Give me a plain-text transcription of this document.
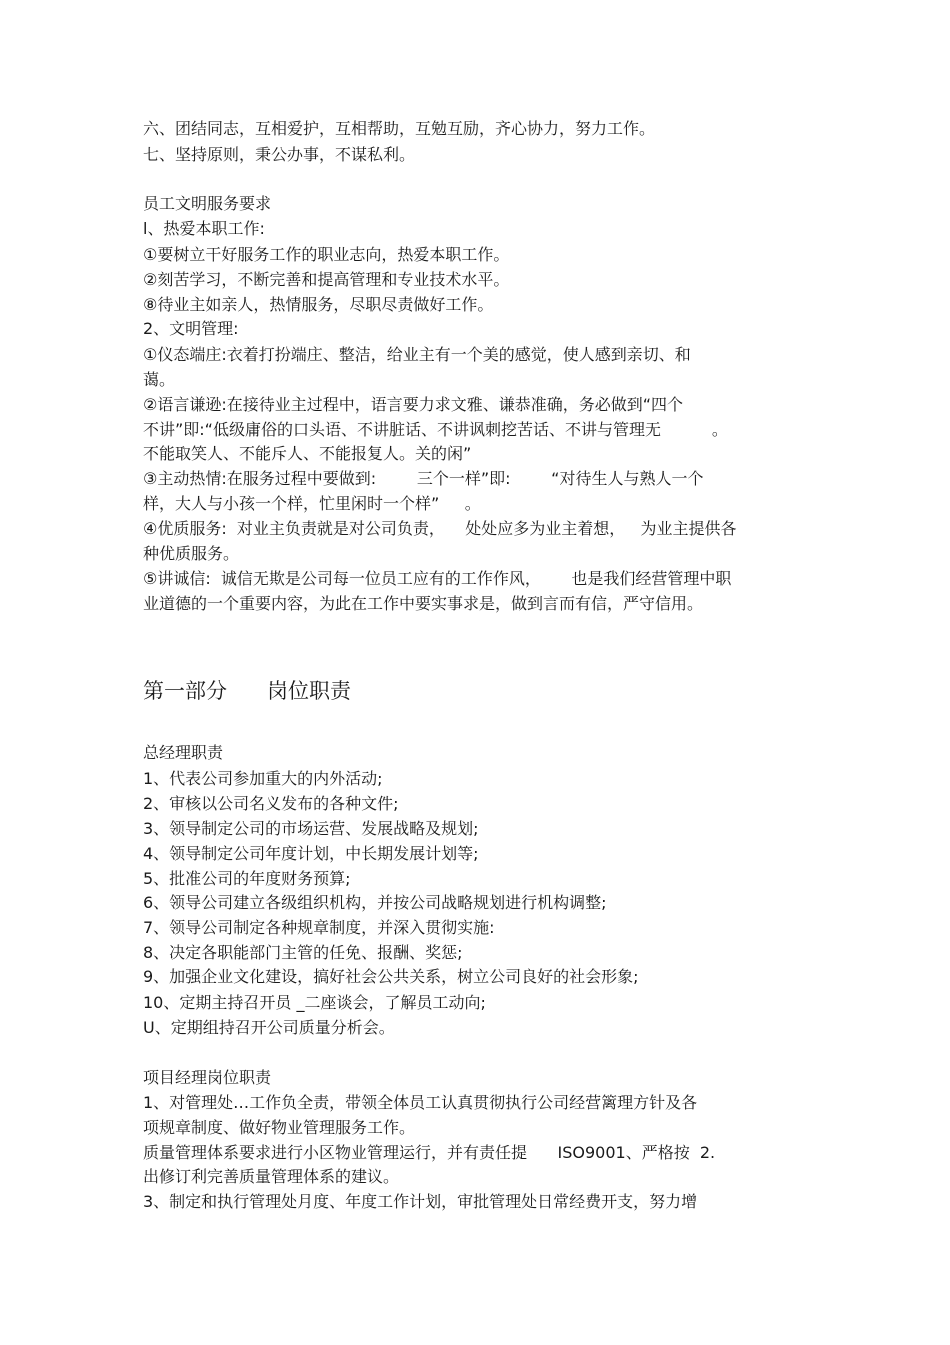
六、团结同志，互相爱护，互相帮助，互勉互励，齐心协力，努力工作。
七、坚持原则，秉公办事，不谋私利。
员工文明服务要求
l、热爱本职工作:
①要树立干好服务工作的职业志向，热爱本职工作。
②刻苦学习，不断完善和提高管理和专业技术水平。
⑧待业主如亲人，热情服务，尽职尽责做好工作。
2、文明管理:
①仪态端庄:衣着打扮端庄、整洁，给业主有一个美的感觉，使人感到亲切、和
蔼。
②语言谦逊:在接待业主过程中，语言要力求文雅、谦恭准确，务必做到“四个
不讲”即:“低级庸俗的口头语、不讲脏话、不讲讽刺挖苦话、不讲与管理无          。
不能取笑人、不能斥人、不能报复人。关的闲”
③主动热情:在服务过程中要做到:        三个一样”即:        “对待生人与熟人一个
样，大人与小孩一个样，忙里闲时一个样”     。
④优质服务:  对业主负责就是对公司负责，    处处应多为业主着想，   为业主提供各
种优质服务。
⑤讲诚信:  诚信无欺是公司每一位员工应有的工作作风，      也是我们经营管理中职
业道德的一个重要内容，为此在工作中要实事求是，做到言而有信，严守信用。
第一部分      岗位职责
总经理职责
1、代表公司参加重大的内外活动;
2、审核以公司名义发布的各种文件;
3、领导制定公司的市场运营、发展战略及规划;
4、领导制定公司年度计划，中长期发展计划等;
5、批准公司的年度财务预算;
6、领导公司建立各级组织机构，并按公司战略规划进行机构调整;
7、领导公司制定各种规章制度，并深入贯彻实施:
8、决定各职能部门主管的任免、报酬、奖惩;
9、加强企业文化建设，搞好社会公共关系，树立公司良好的社会形象;
10、定期主持召开员 _二座谈会，了解员工动向;
U、定期组持召开公司质量分析会。
项目经理岗位职责
1、对管理处…工作负全责，带领全体员工认真贯彻执行公司经营篱理方针及各
项规章制度、做好物业管理服务工作。
质量管理体系要求进行小区物业管理运行，并有责任提      ISO9001、严格按  2.
出修订利完善质量管理体系的建议。
3、制定和执行管理处月度、年度工作计划，审批管理处日常经费开支，努力增
